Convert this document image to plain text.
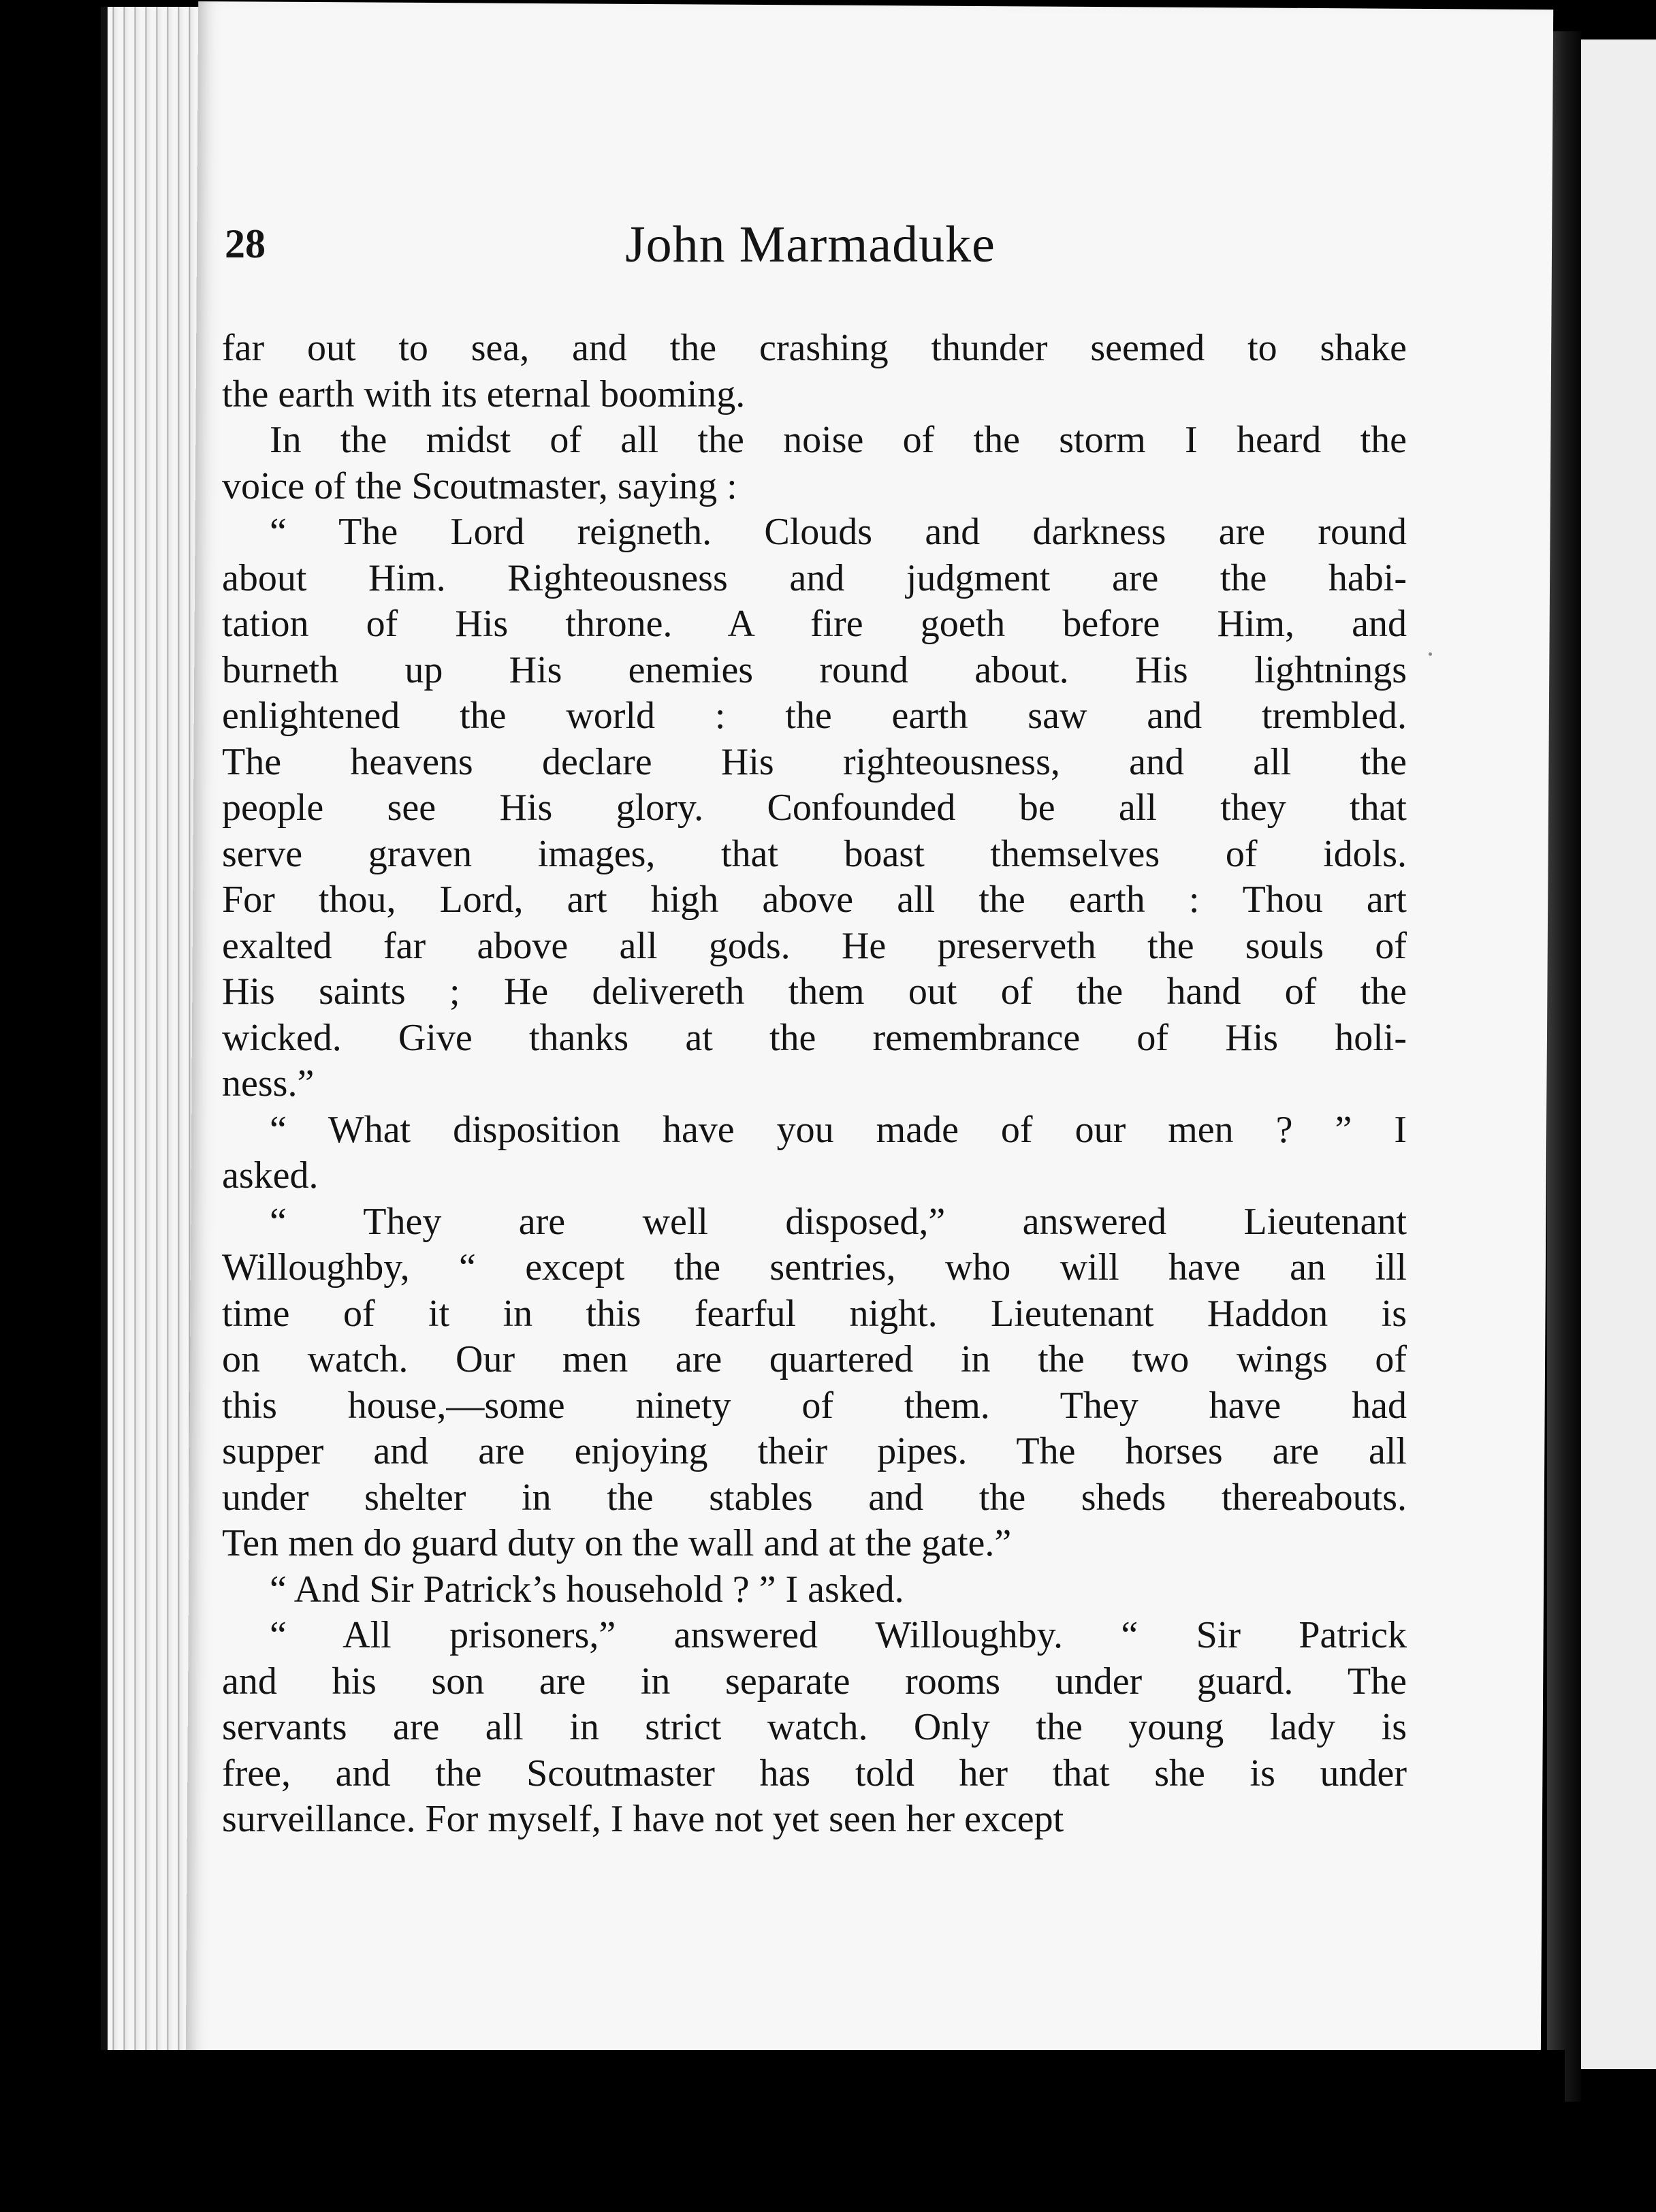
28	John Marmaduke
far out to sea, and the crashing thunder seemed to shake
the earth with its eternal booming.
In the midst of all the noise of the storm I heard the
voice of the Scoutmaster, saying :
“ The Lord reigneth. Clouds and darkness are round
about Him. Righteousness and judgment are the habi-
tation of His throne. A fire goeth before Him, and
burneth up His enemies round about. His lightnings
enlightened the world : the earth saw and trembled.
The heavens declare His righteousness, and all the
people see His glory. Confounded be all they that
serve graven images, that boast themselves of idols.
For thou, Lord, art high above all the earth : Thou art
exalted far above all gods. He preserveth the souls of
His saints ; He delivereth them out of the hand of the
wicked. Give thanks at the remembrance of His holi-
ness.”
“ What disposition have you made of our men ? ” I
asked.
“ They are well disposed,” answered Lieutenant
Willoughby, “ except the sentries, who will have an ill
time of it in this fearful night. Lieutenant Haddon is
on watch. Our men are quartered in the two wings of
this house,—some ninety of them. They have had
supper and are enjoying their pipes. The horses are all
under shelter in the stables and the sheds thereabouts.
Ten men do guard duty on the wall and at the gate.”
“ And Sir Patrick’s household ? ” I asked.
“ All prisoners,” answered Willoughby. “ Sir Patrick
and his son are in separate rooms under guard. The
servants are all in strict watch. Only the young lady is
free, and the Scoutmaster has told her that she is under
surveillance. For myself, I have not yet seen her except
